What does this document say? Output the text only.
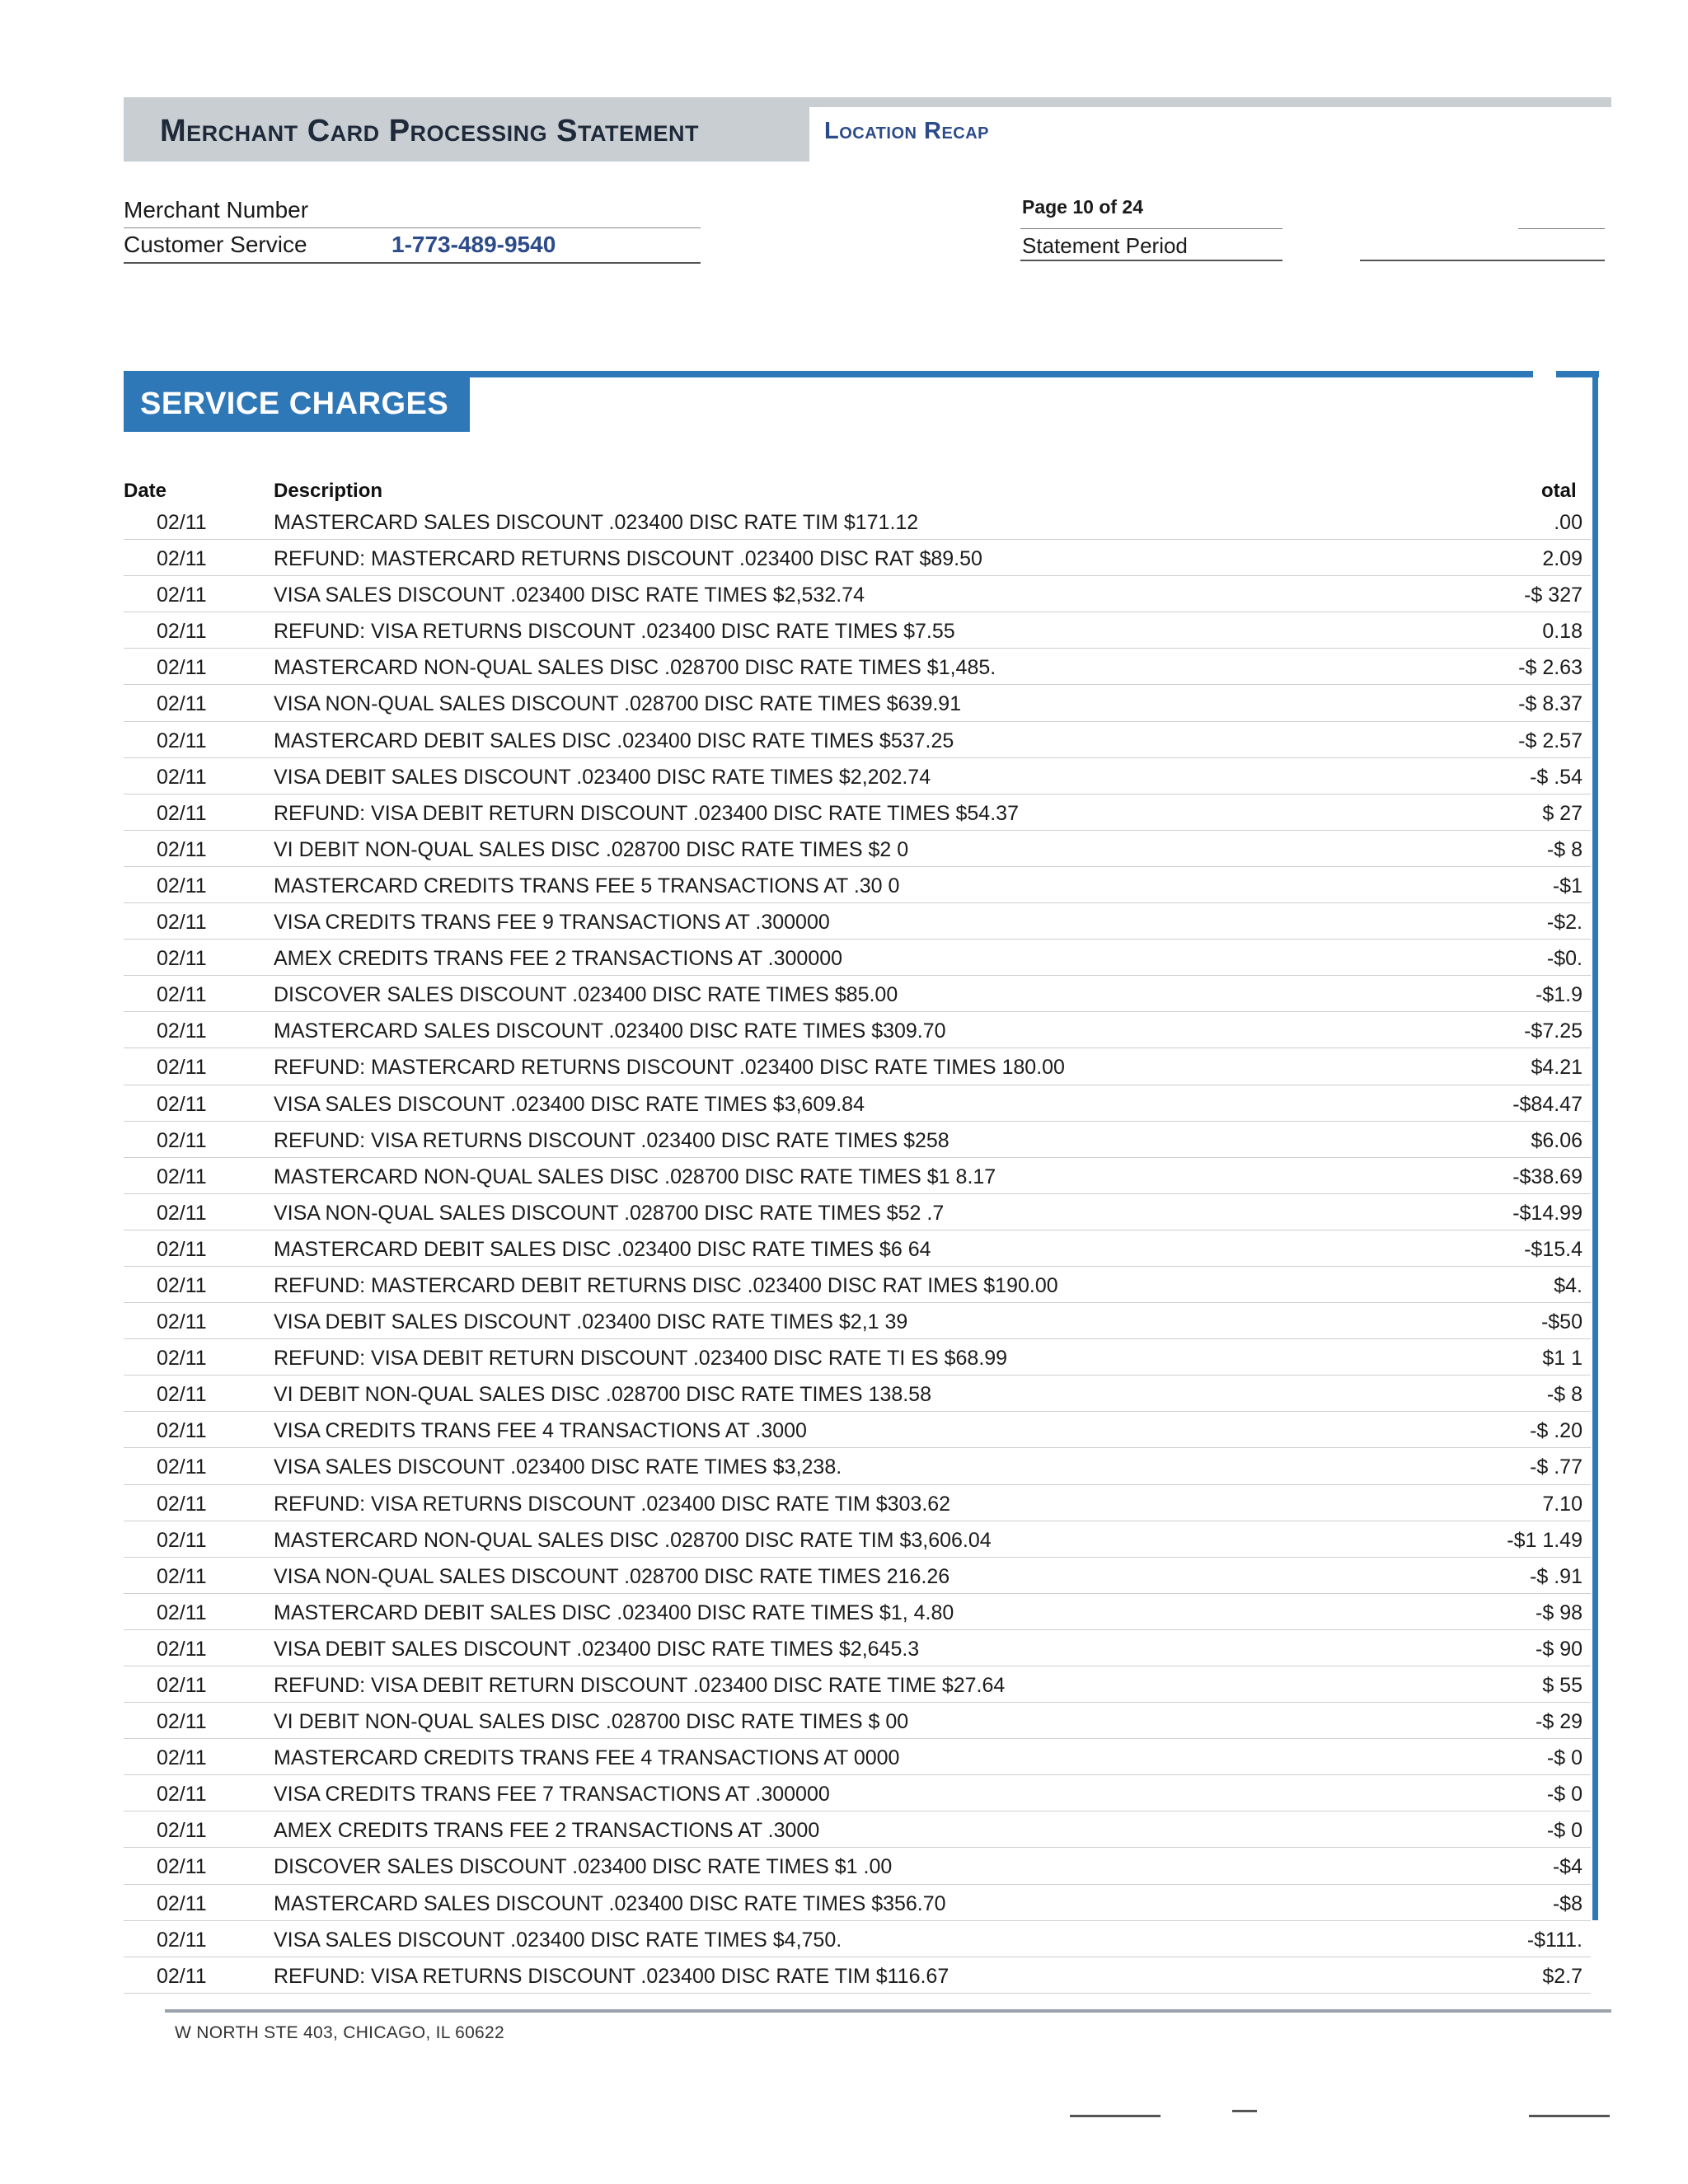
Merchant Card Processing Statement	Location Recap
Merchant Number
Customer Service	1-773-489-9540
Page 10 of 24
Statement Period
SERVICE CHARGES
Date	Description	otal
02/11	MASTERCARD SALES DISCOUNT .023400 DISC RATE TIM $171.12	.00
02/11	REFUND: MASTERCARD RETURNS DISCOUNT .023400 DISC RAT $89.50	2.09
02/11	VISA SALES DISCOUNT .023400 DISC RATE TIMES $2,532.74	-$ 327
02/11	REFUND: VISA RETURNS DISCOUNT .023400 DISC RATE TIMES $7.55	0.18
02/11	MASTERCARD NON-QUAL SALES DISC .028700 DISC RATE TIMES $1,485.	-$ 2.63
02/11	VISA NON-QUAL SALES DISCOUNT .028700 DISC RATE TIMES $639.91	-$ 8.37
02/11	MASTERCARD DEBIT SALES DISC .023400 DISC RATE TIMES $537.25	-$ 2.57
02/11	VISA DEBIT SALES DISCOUNT .023400 DISC RATE TIMES $2,202.74	-$ .54
02/11	REFUND: VISA DEBIT RETURN DISCOUNT .023400 DISC RATE TIMES $54.37	$ 27
02/11	VI DEBIT NON-QUAL SALES DISC .028700 DISC RATE TIMES $2 0	-$ 8
02/11	MASTERCARD CREDITS TRANS FEE 5 TRANSACTIONS AT .30 0	-$1
02/11	VISA CREDITS TRANS FEE 9 TRANSACTIONS AT .300000	-$2.
02/11	AMEX CREDITS TRANS FEE 2 TRANSACTIONS AT .300000	-$0.
02/11	DISCOVER SALES DISCOUNT .023400 DISC RATE TIMES $85.00	-$1.9
02/11	MASTERCARD SALES DISCOUNT .023400 DISC RATE TIMES $309.70	-$7.25
02/11	REFUND: MASTERCARD RETURNS DISCOUNT .023400 DISC RATE TIMES 180.00	$4.21
02/11	VISA SALES DISCOUNT .023400 DISC RATE TIMES $3,609.84	-$84.47
02/11	REFUND: VISA RETURNS DISCOUNT .023400 DISC RATE TIMES $258	$6.06
02/11	MASTERCARD NON-QUAL SALES DISC .028700 DISC RATE TIMES $1 8.17	-$38.69
02/11	VISA NON-QUAL SALES DISCOUNT .028700 DISC RATE TIMES $52 .7	-$14.99
02/11	MASTERCARD DEBIT SALES DISC .023400 DISC RATE TIMES $6 64	-$15.4
02/11	REFUND: MASTERCARD DEBIT RETURNS DISC .023400 DISC RAT IMES $190.00	$4.
02/11	VISA DEBIT SALES DISCOUNT .023400 DISC RATE TIMES $2,1 39	-$50
02/11	REFUND: VISA DEBIT RETURN DISCOUNT .023400 DISC RATE TI ES $68.99	$1 1
02/11	VI DEBIT NON-QUAL SALES DISC .028700 DISC RATE TIMES 138.58	-$ 8
02/11	VISA CREDITS TRANS FEE 4 TRANSACTIONS AT .3000	-$ .20
02/11	VISA SALES DISCOUNT .023400 DISC RATE TIMES $3,238.	-$ .77
02/11	REFUND: VISA RETURNS DISCOUNT .023400 DISC RATE TIM $303.62	7.10
02/11	MASTERCARD NON-QUAL SALES DISC .028700 DISC RATE TIM $3,606.04	-$1 1.49
02/11	VISA NON-QUAL SALES DISCOUNT .028700 DISC RATE TIMES 216.26	-$ .91
02/11	MASTERCARD DEBIT SALES DISC .023400 DISC RATE TIMES $1, 4.80	-$ 98
02/11	VISA DEBIT SALES DISCOUNT .023400 DISC RATE TIMES $2,645.3	-$ 90
02/11	REFUND: VISA DEBIT RETURN DISCOUNT .023400 DISC RATE TIME $27.64	$ 55
02/11	VI DEBIT NON-QUAL SALES DISC .028700 DISC RATE TIMES $ 00	-$ 29
02/11	MASTERCARD CREDITS TRANS FEE 4 TRANSACTIONS AT 0000	-$ 0
02/11	VISA CREDITS TRANS FEE 7 TRANSACTIONS AT .300000	-$ 0
02/11	AMEX CREDITS TRANS FEE 2 TRANSACTIONS AT .3000	-$ 0
02/11	DISCOVER SALES DISCOUNT .023400 DISC RATE TIMES $1 .00	-$4
02/11	MASTERCARD SALES DISCOUNT .023400 DISC RATE TIMES $356.70	-$8
02/11	VISA SALES DISCOUNT .023400 DISC RATE TIMES $4,750.	-$111.
02/11	REFUND: VISA RETURNS DISCOUNT .023400 DISC RATE TIM $116.67	$2.7
W NORTH STE 403, CHICAGO, IL 60622
